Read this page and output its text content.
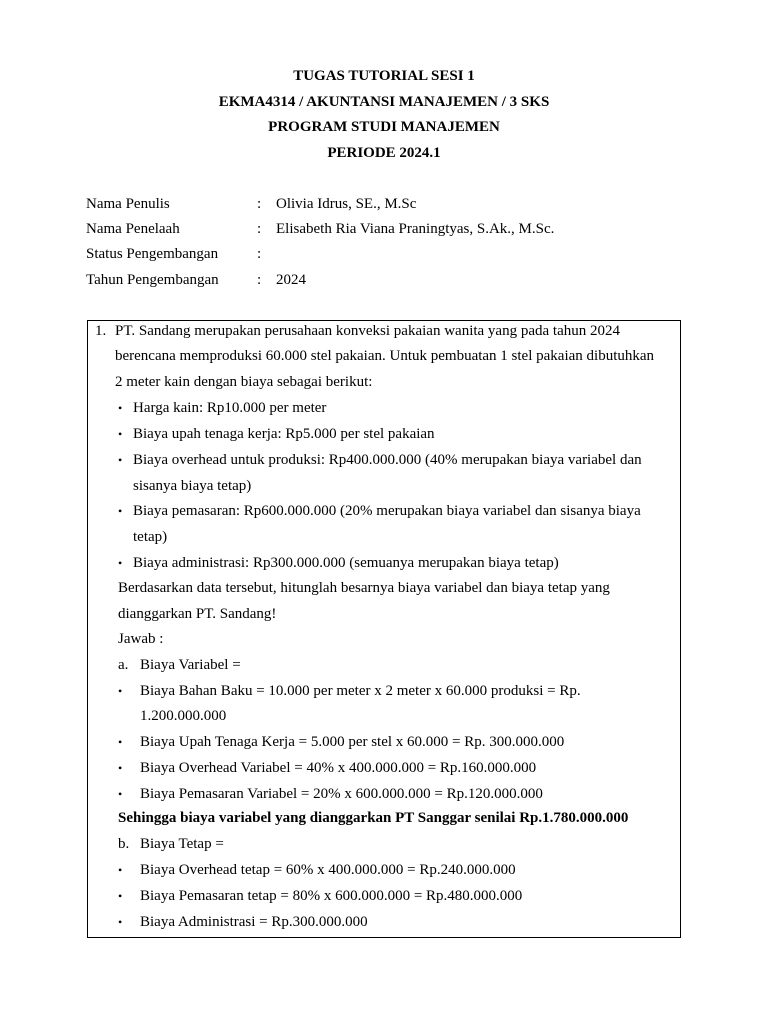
TUGAS TUTORIAL SESI 1
EKMA4314 / AKUNTANSI MANAJEMEN / 3 SKS
PROGRAM STUDI MANAJEMEN
PERIODE 2024.1
Nama Penulis	: Olivia Idrus, SE., M.Sc
Nama Penelaah	: Elisabeth Ria Viana Praningtyas, S.Ak., M.Sc.
Status Pengembangan	:
Tahun Pengembangan	: 2024
1. PT. Sandang merupakan perusahaan konveksi pakaian wanita yang pada tahun 2024
berencana memproduksi 60.000 stel pakaian. Untuk pembuatan 1 stel pakaian dibutuhkan
2 meter kain dengan biaya sebagai berikut:
• Harga kain: Rp10.000 per meter
• Biaya upah tenaga kerja: Rp5.000 per stel pakaian
• Biaya overhead untuk produksi: Rp400.000.000 (40% merupakan biaya variabel dan
sisanya biaya tetap)
• Biaya pemasaran: Rp600.000.000 (20% merupakan biaya variabel dan sisanya biaya
tetap)
• Biaya administrasi: Rp300.000.000 (semuanya merupakan biaya tetap)
Berdasarkan data tersebut, hitunglah besarnya biaya variabel dan biaya tetap yang
dianggarkan PT. Sandang!
Jawab :
a. Biaya Variabel =
• Biaya Bahan Baku = 10.000 per meter x 2 meter x 60.000 produksi = Rp.
1.200.000.000
• Biaya Upah Tenaga Kerja = 5.000 per stel x 60.000 = Rp. 300.000.000
• Biaya Overhead Variabel = 40% x 400.000.000 = Rp.160.000.000
• Biaya Pemasaran Variabel = 20% x 600.000.000 = Rp.120.000.000
Sehingga biaya variabel yang dianggarkan PT Sanggar senilai Rp.1.780.000.000
b. Biaya Tetap =
• Biaya Overhead tetap = 60% x 400.000.000 = Rp.240.000.000
• Biaya Pemasaran tetap = 80% x 600.000.000 = Rp.480.000.000
• Biaya Administrasi = Rp.300.000.000
